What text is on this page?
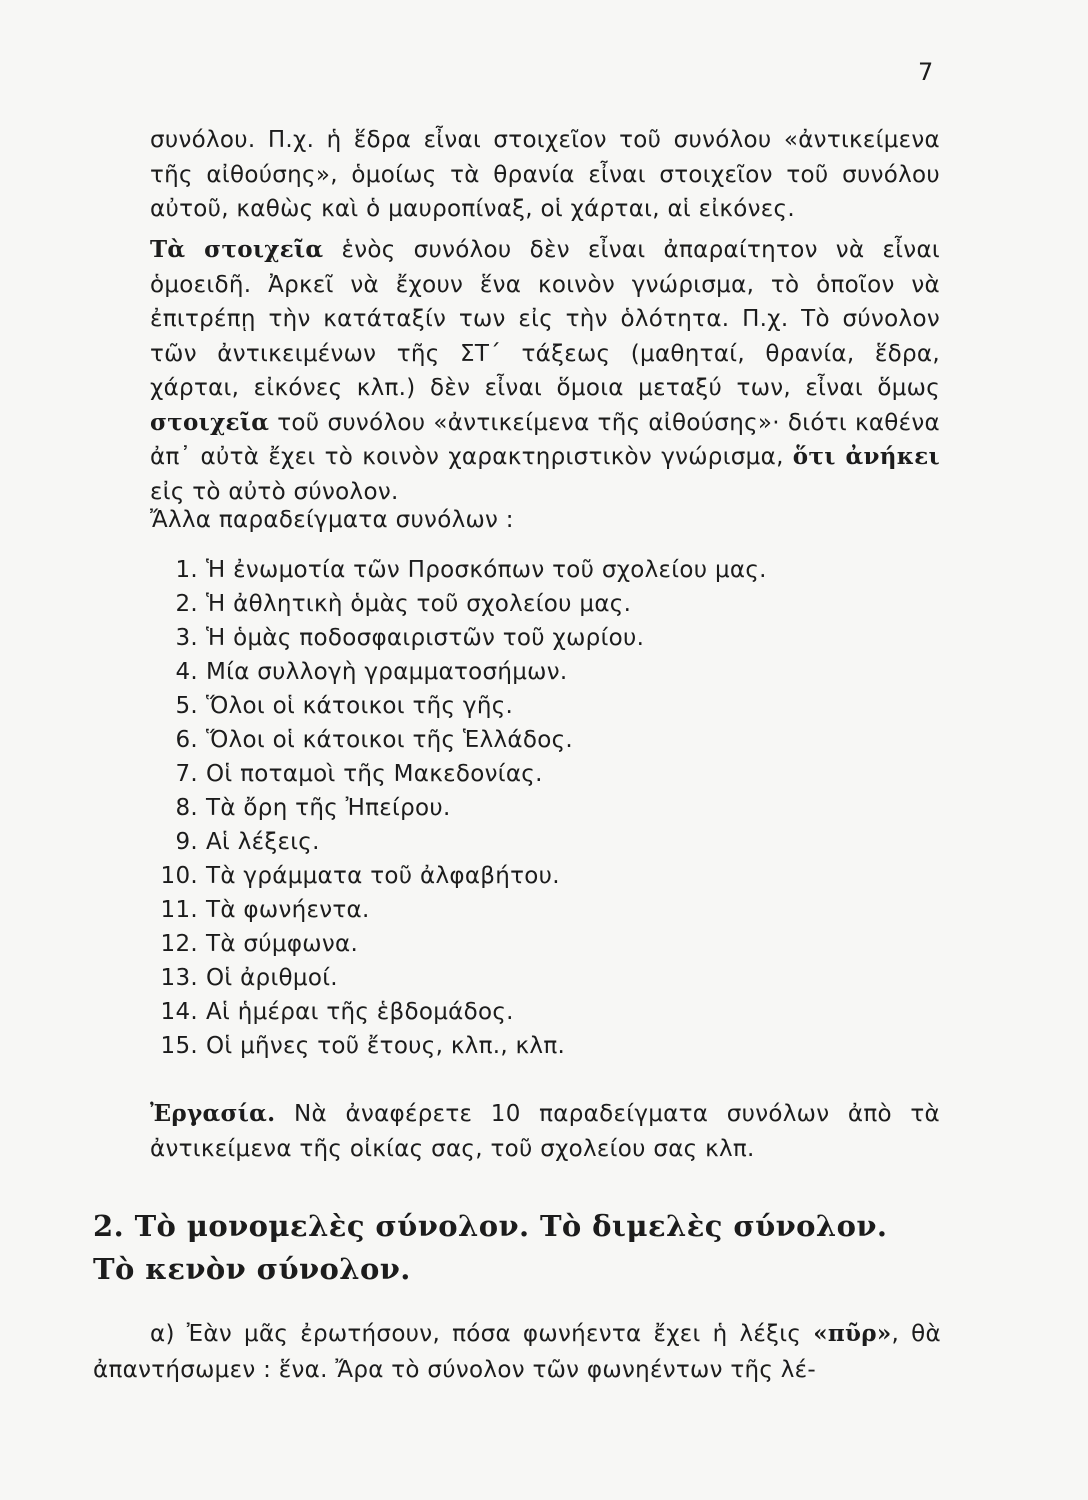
7

συνόλου. Π.χ. ἡ ἕδρα εἶναι στοιχεῖον τοῦ συνόλου «ἀντικείμενα τῆς αἰθούσης», ὁμοίως τὰ θρανία εἶναι στοιχεῖον τοῦ συνόλου αὐτοῦ, καθὼς καὶ ὁ μαυροπίναξ, οἱ χάρται, αἱ εἰκόνες.

Τὰ στοιχεῖα ἑνὸς συνόλου δὲν εἶναι ἀπαραίτητον νὰ εἶναι ὁμοειδῆ. Ἀρκεῖ νὰ ἔχουν ἕνα κοινὸν γνώρισμα, τὸ ὁποῖον νὰ ἐπιτρέπῃ τὴν κατάταξίν των εἰς τὴν ὁλότητα. Π.χ. Τὸ σύνολον τῶν ἀντικειμένων τῆς ΣΤ΄ τάξεως (μαθηταί, θρανία, ἕδρα, χάρται, εἰκόνες κλπ.) δὲν εἶναι ὅμοια μεταξύ των, εἶναι ὅμως στοιχεῖα τοῦ συνόλου «ἀντικείμενα τῆς αἰθούσης»· διότι καθένα ἀπ᾿ αὐτὰ ἔχει τὸ κοινὸν χαρακτηριστικὸν γνώρισμα, ὅτι ἀνήκει εἰς τὸ αὐτὸ σύνολον.

Ἄλλα παραδείγματα συνόλων :
1. Ἡ ἐνωμοτία τῶν Προσκόπων τοῦ σχολείου μας.
2. Ἡ ἀθλητικὴ ὁμὰς τοῦ σχολείου μας.
3. Ἡ ὁμὰς ποδοσφαιριστῶν τοῦ χωρίου.
4. Μία συλλογὴ γραμματοσήμων.
5. Ὅλοι οἱ κάτοικοι τῆς γῆς.
6. Ὅλοι οἱ κάτοικοι τῆς Ἑλλάδος.
7. Οἱ ποταμοὶ τῆς Μακεδονίας.
8. Τὰ ὄρη τῆς Ἠπείρου.
9. Αἱ λέξεις.
10. Τὰ γράμματα τοῦ ἀλφαβήτου.
11. Τὰ φωνήεντα.
12. Τὰ σύμφωνα.
13. Οἱ ἀριθμοί.
14. Αἱ ἡμέραι τῆς ἑβδομάδος.
15. Οἱ μῆνες τοῦ ἔτους, κλπ., κλπ.

Ἐργασία. Νὰ ἀναφέρετε 10 παραδείγματα συνόλων ἀπὸ τὰ ἀντικείμενα τῆς οἰκίας σας, τοῦ σχολείου σας κλπ.

2. Τὸ μονομελὲς σύνολον. Τὸ διμελὲς σύνολον.
Τὸ κενὸν σύνολον.

α) Ἐὰν μᾶς ἐρωτήσουν, πόσα φωνήεντα ἔχει ἡ λέξις «πῦρ», θὰ ἀπαντήσωμεν : ἕνα. Ἄρα τὸ σύνολον τῶν φωνηέντων τῆς λέ-
